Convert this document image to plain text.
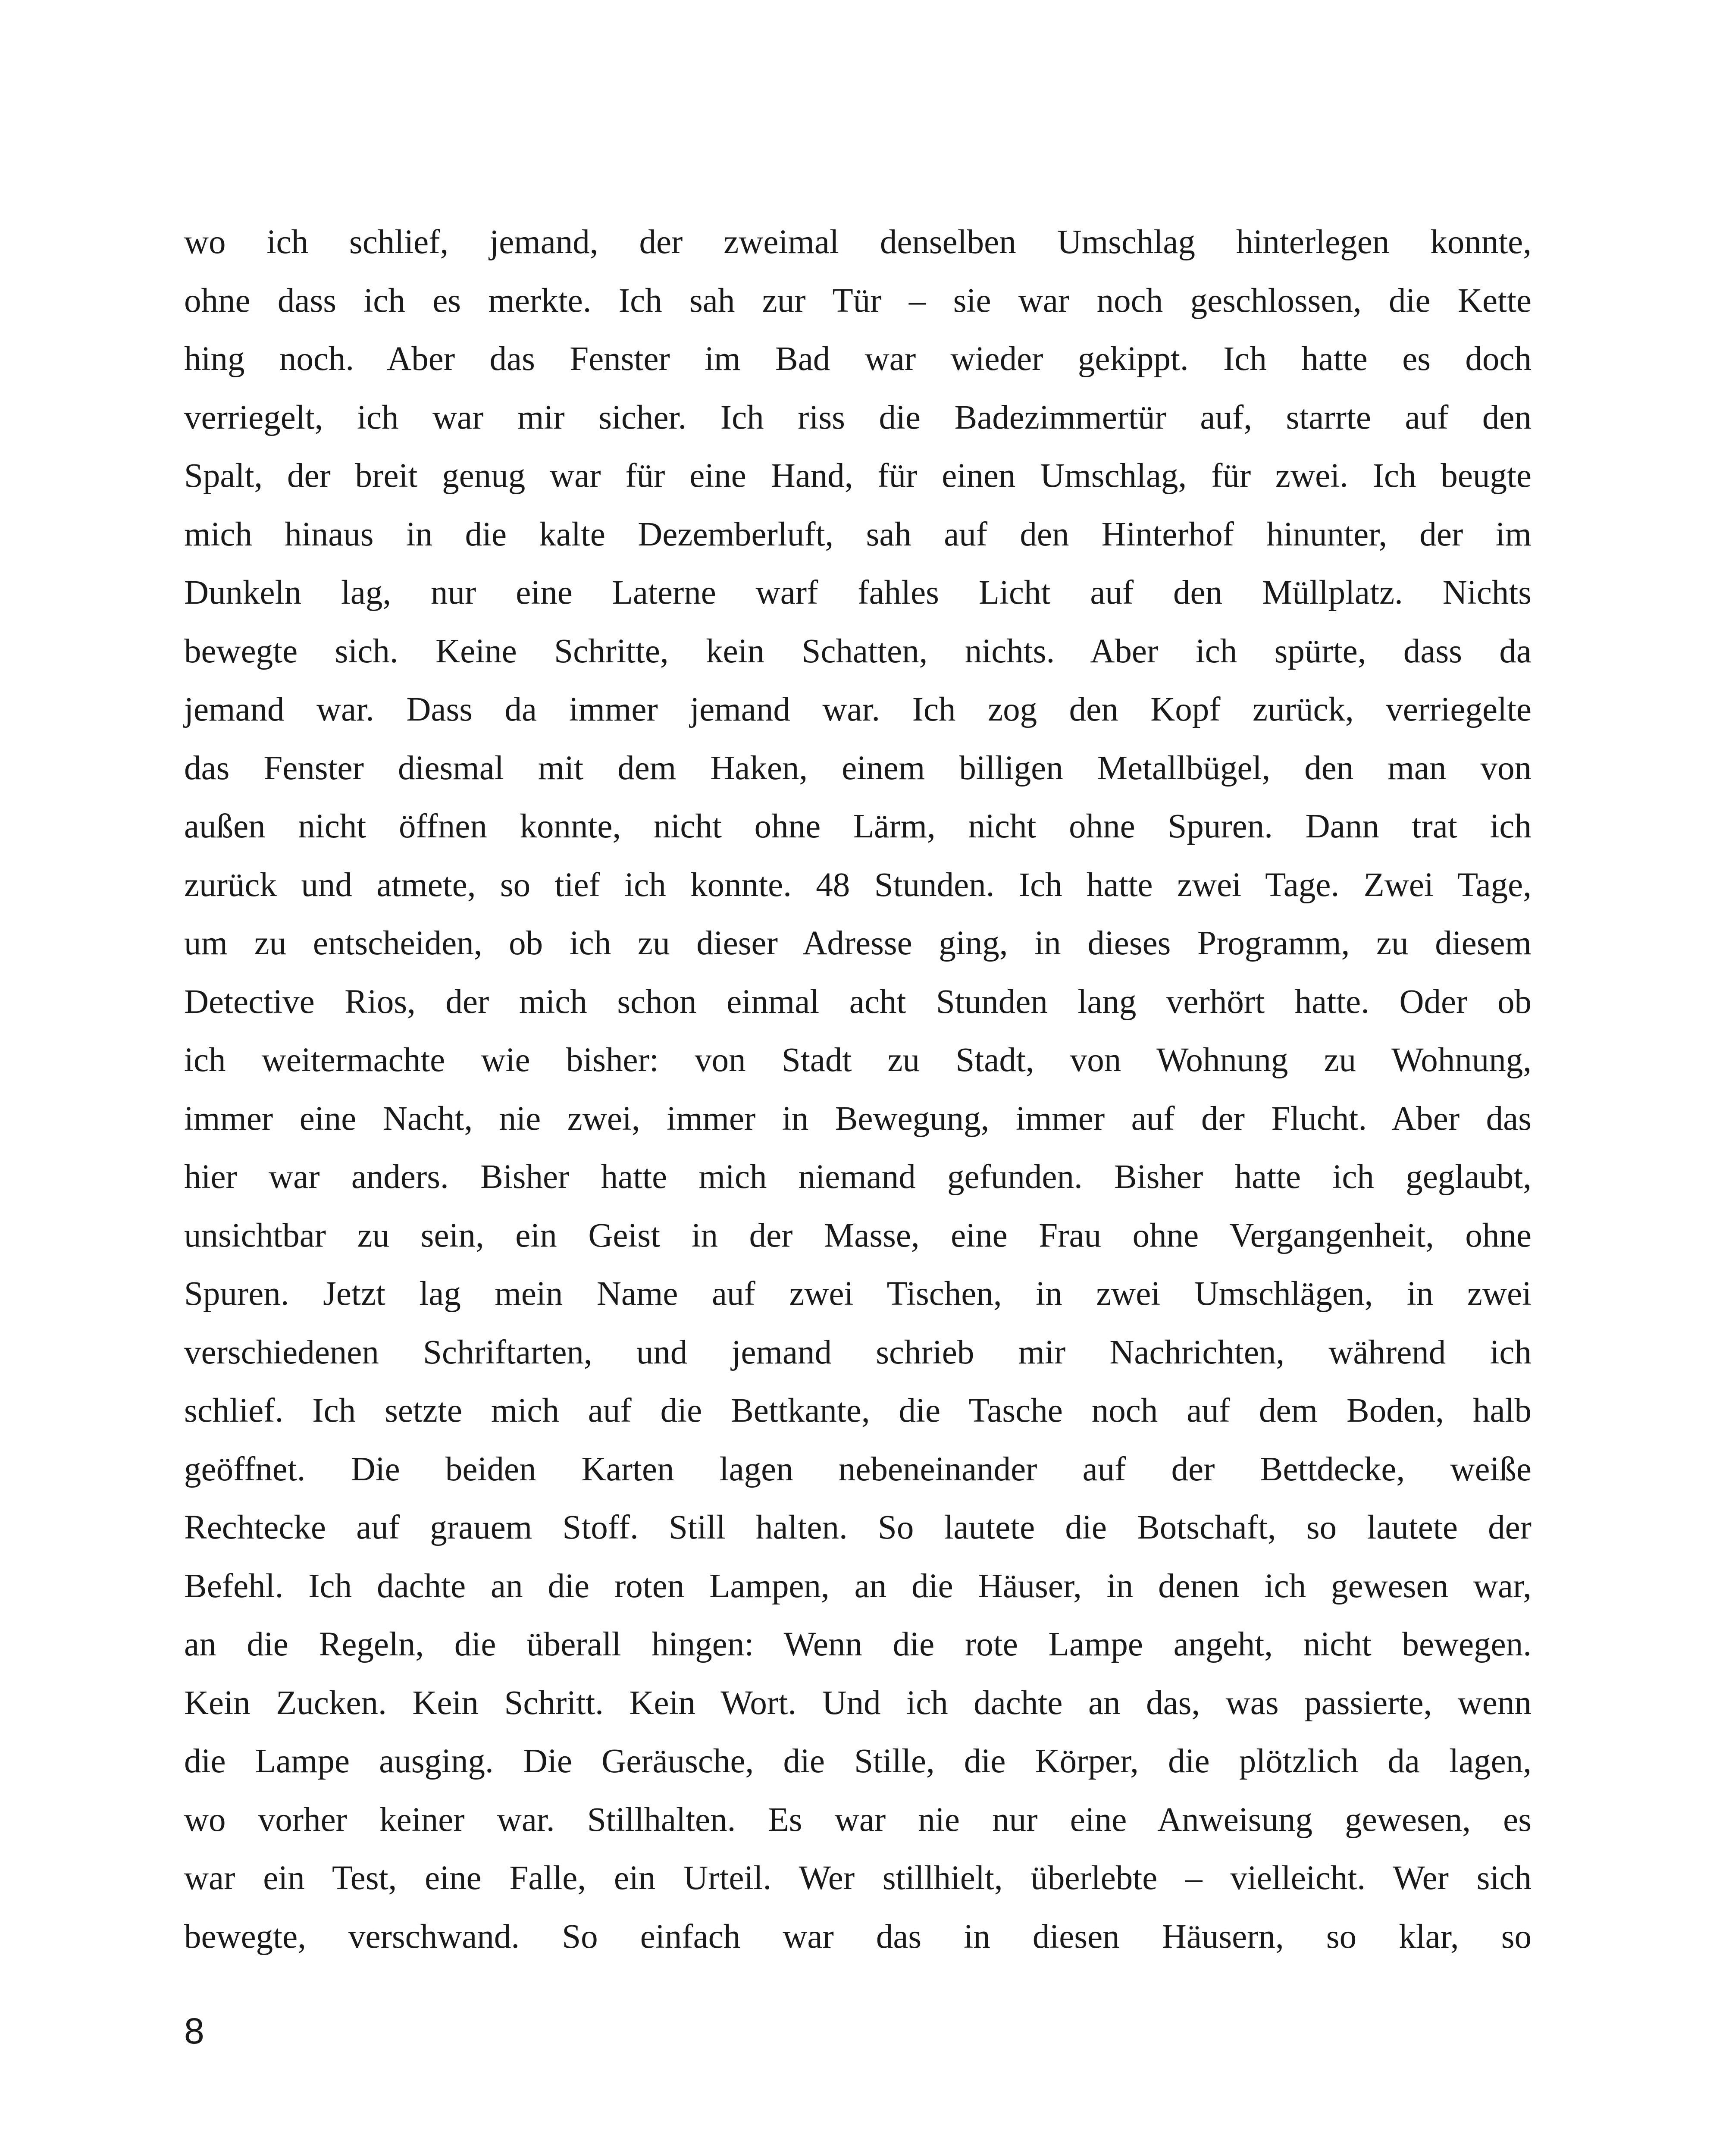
wo ich schlief, jemand, der zweimal denselben Umschlag hinterlegen konnte,
ohne dass ich es merkte. Ich sah zur Tür – sie war noch geschlossen, die Kette
hing noch. Aber das Fenster im Bad war wieder gekippt. Ich hatte es doch
verriegelt, ich war mir sicher. Ich riss die Badezimmertür auf, starrte auf den
Spalt, der breit genug war für eine Hand, für einen Umschlag, für zwei. Ich beugte
mich hinaus in die kalte Dezemberluft, sah auf den Hinterhof hinunter, der im
Dunkeln lag, nur eine Laterne warf fahles Licht auf den Müllplatz. Nichts
bewegte sich. Keine Schritte, kein Schatten, nichts. Aber ich spürte, dass da
jemand war. Dass da immer jemand war. Ich zog den Kopf zurück, verriegelte
das Fenster diesmal mit dem Haken, einem billigen Metallbügel, den man von
außen nicht öffnen konnte, nicht ohne Lärm, nicht ohne Spuren. Dann trat ich
zurück und atmete, so tief ich konnte. 48 Stunden. Ich hatte zwei Tage. Zwei Tage,
um zu entscheiden, ob ich zu dieser Adresse ging, in dieses Programm, zu diesem
Detective Rios, der mich schon einmal acht Stunden lang verhört hatte. Oder ob
ich weitermachte wie bisher: von Stadt zu Stadt, von Wohnung zu Wohnung,
immer eine Nacht, nie zwei, immer in Bewegung, immer auf der Flucht. Aber das
hier war anders. Bisher hatte mich niemand gefunden. Bisher hatte ich geglaubt,
unsichtbar zu sein, ein Geist in der Masse, eine Frau ohne Vergangenheit, ohne
Spuren. Jetzt lag mein Name auf zwei Tischen, in zwei Umschlägen, in zwei
verschiedenen Schriftarten, und jemand schrieb mir Nachrichten, während ich
schlief. Ich setzte mich auf die Bettkante, die Tasche noch auf dem Boden, halb
geöffnet. Die beiden Karten lagen nebeneinander auf der Bettdecke, weiße
Rechtecke auf grauem Stoff. Still halten. So lautete die Botschaft, so lautete der
Befehl. Ich dachte an die roten Lampen, an die Häuser, in denen ich gewesen war,
an die Regeln, die überall hingen: Wenn die rote Lampe angeht, nicht bewegen.
Kein Zucken. Kein Schritt. Kein Wort. Und ich dachte an das, was passierte, wenn
die Lampe ausging. Die Geräusche, die Stille, die Körper, die plötzlich da lagen,
wo vorher keiner war. Stillhalten. Es war nie nur eine Anweisung gewesen, es
war ein Test, eine Falle, ein Urteil. Wer stillhielt, überlebte – vielleicht. Wer sich
bewegte, verschwand. So einfach war das in diesen Häusern, so klar, so
8
